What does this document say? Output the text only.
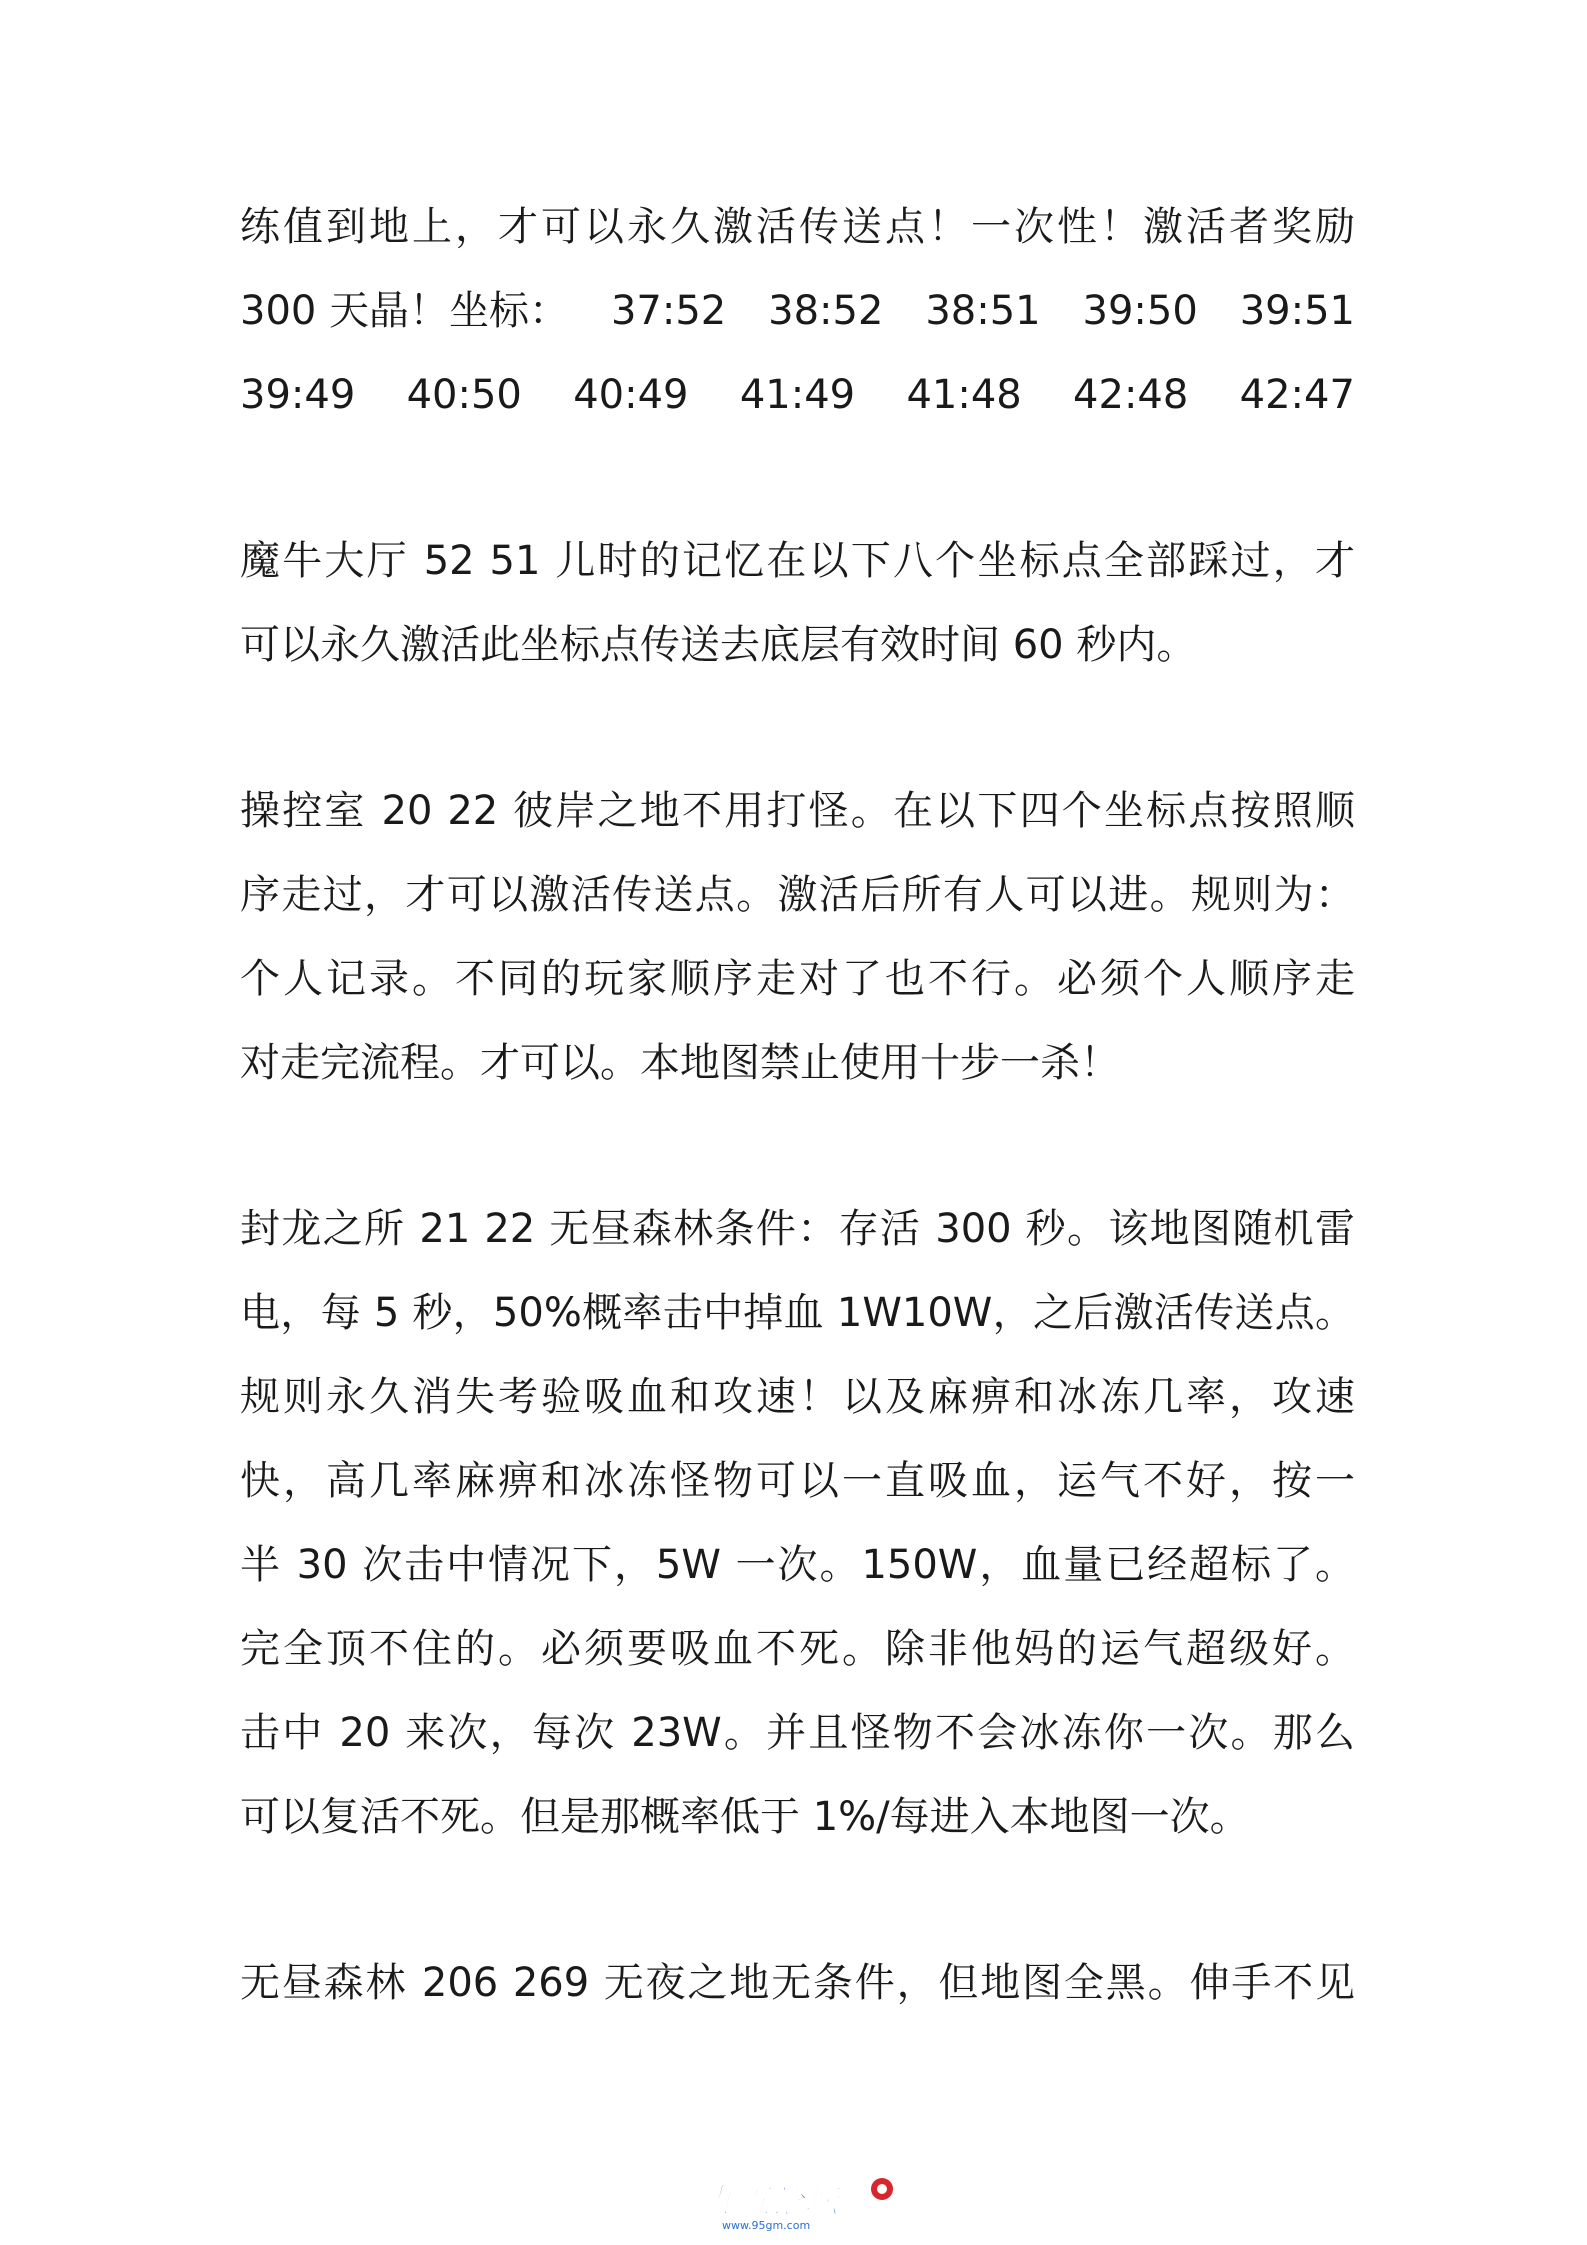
练值到地上，才可以永久激活传送点！一次性！激活者奖励
300 天晶！坐标： 37:52 38:52 38:51 39:50 39:51
39:49 40:50 40:49 41:49 41:48 42:48 42:47
魔牛大厅 52 51 儿时的记忆在以下八个坐标点全部踩过，才
可以永久激活此坐标点传送去底层有效时间 60 秒内。
操控室 20 22 彼岸之地不用打怪。在以下四个坐标点按照顺
序走过，才可以激活传送点。激活后所有人可以进。规则为：
个人记录。不同的玩家顺序走对了也不行。必须个人顺序走
对走完流程。才可以。本地图禁止使用十步一杀！
封龙之所 21 22 无昼森林条件：存活 300 秒。该地图随机雷
电，每 5 秒，50%概率击中掉血 1W10W，之后激活传送点。
规则永久消失考验吸血和攻速！以及麻痹和冰冻几率，攻速
快，高几率麻痹和冰冻怪物可以一直吸血，运气不好，按一
半 30 次击中情况下，5W 一次。150W，血量已经超标了。
完全顶不住的。必须要吸血不死。除非他妈的运气超级好。
击中 20 来次，每次 23W。并且怪物不会冰冻你一次。那么
可以复活不死。但是那概率低于 1%/每进入本地图一次。
无昼森林 206 269 无夜之地无条件，但地图全黑。伸手不见
九五论坛
www.95gm.com
